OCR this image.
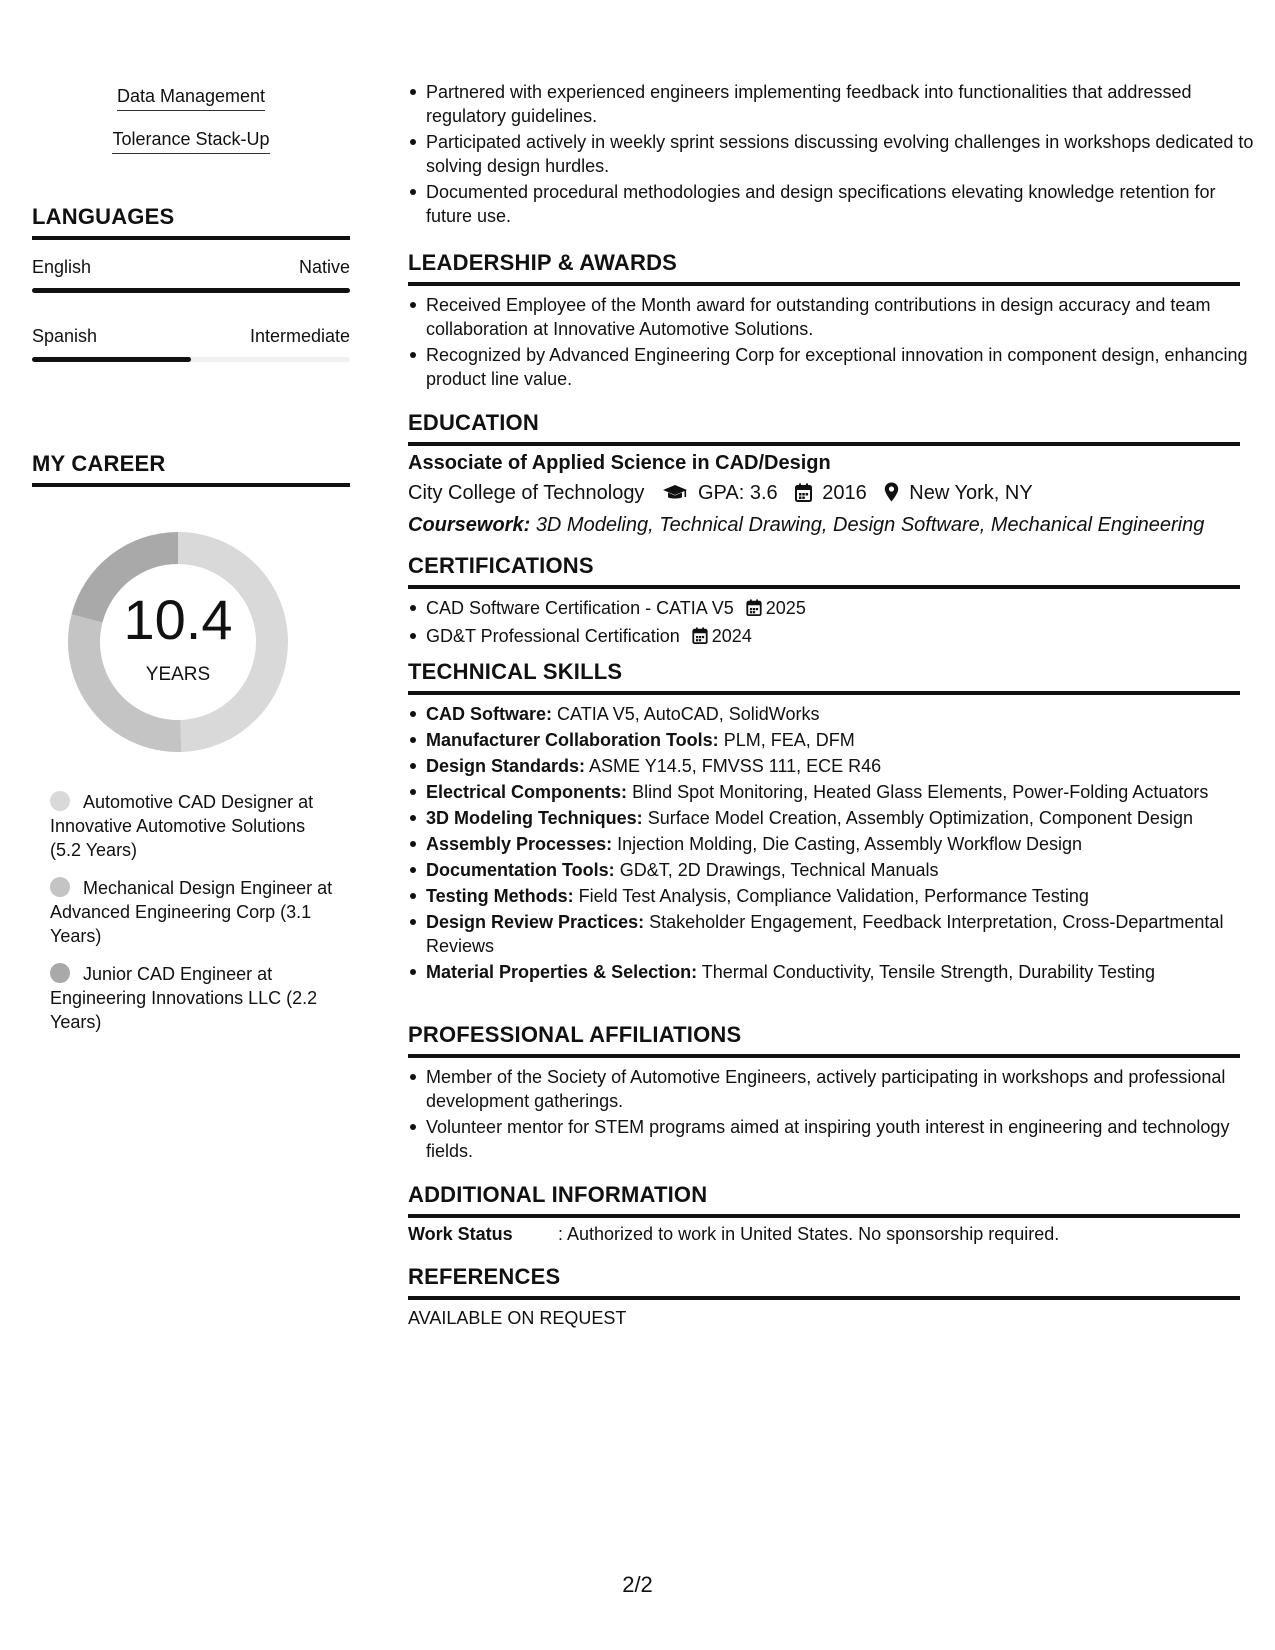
Data Management
Tolerance Stack-Up
LANGUAGES
English	Native
Spanish	Intermediate
MY CAREER
10.4
YEARS
Automotive CAD Designer at Innovative Automotive Solutions (5.2 Years)
Mechanical Design Engineer at Advanced Engineering Corp (3.1 Years)
Junior CAD Engineer at Engineering Innovations LLC (2.2 Years)
Partnered with experienced engineers implementing feedback into functionalities that addressed regulatory guidelines.
Participated actively in weekly sprint sessions discussing evolving challenges in workshops dedicated to solving design hurdles.
Documented procedural methodologies and design specifications elevating knowledge retention for future use.
LEADERSHIP & AWARDS
Received Employee of the Month award for outstanding contributions in design accuracy and team collaboration at Innovative Automotive Solutions.
Recognized by Advanced Engineering Corp for exceptional innovation in component design, enhancing product line value.
EDUCATION
Associate of Applied Science in CAD/Design
City College of Technology	GPA: 3.6 2016 New York, NY
Coursework: 3D Modeling, Technical Drawing, Design Software, Mechanical Engineering
CERTIFICATIONS
CAD Software Certification - CATIA V5 2025
GD&T Professional Certification 2024
TECHNICAL SKILLS
CAD Software: CATIA V5, AutoCAD, SolidWorks
Manufacturer Collaboration Tools: PLM, FEA, DFM
Design Standards: ASME Y14.5, FMVSS 111, ECE R46
Electrical Components: Blind Spot Monitoring, Heated Glass Elements, Power-Folding Actuators
3D Modeling Techniques: Surface Model Creation, Assembly Optimization, Component Design
Assembly Processes: Injection Molding, Die Casting, Assembly Workflow Design
Documentation Tools: GD&T, 2D Drawings, Technical Manuals
Testing Methods: Field Test Analysis, Compliance Validation, Performance Testing
Design Review Practices: Stakeholder Engagement, Feedback Interpretation, Cross-Departmental Reviews
Material Properties & Selection: Thermal Conductivity, Tensile Strength, Durability Testing
PROFESSIONAL AFFILIATIONS
Member of the Society of Automotive Engineers, actively participating in workshops and professional development gatherings.
Volunteer mentor for STEM programs aimed at inspiring youth interest in engineering and technology fields.
ADDITIONAL INFORMATION
Work Status	: Authorized to work in United States. No sponsorship required.
REFERENCES
AVAILABLE ON REQUEST
2/2
